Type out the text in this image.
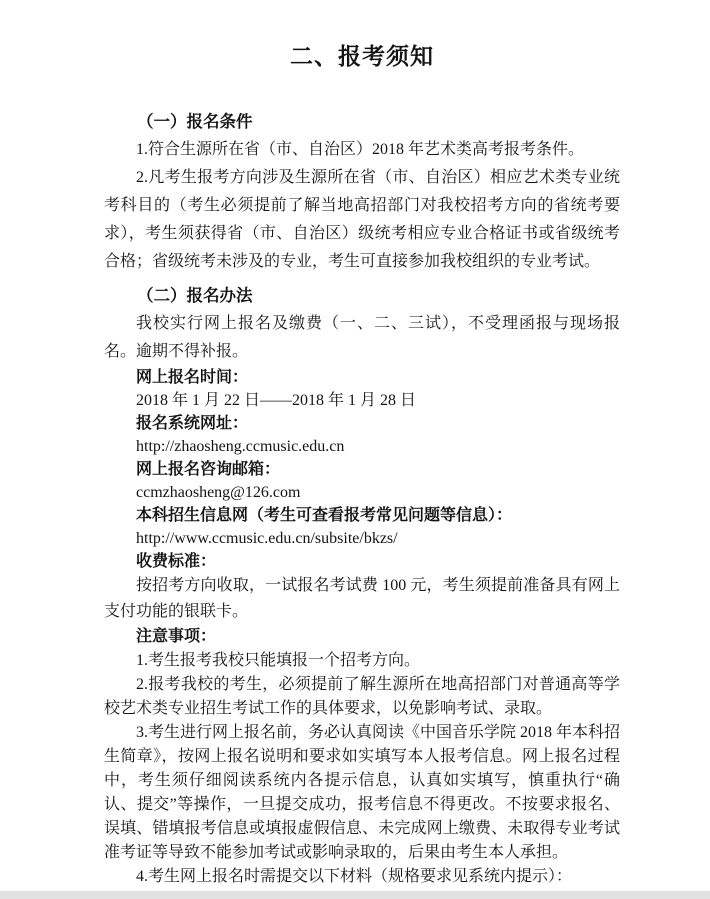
二、报考须知
（一）报名条件

1.符合生源所在省（市、自治区）2018 年艺术类高考报考条件。

2.凡考生报考方向涉及生源所在省（市、自治区）相应艺术类专业统考科目的（考生必须提前了解当地高招部门对我校招考方向的省统考要求），考生须获得省（市、自治区）级统考相应专业合格证书或省级统考合格；省级统考未涉及的专业，考生可直接参加我校组织的专业考试。

（二）报名办法

我校实行网上报名及缴费（一、二、三试），不受理函报与现场报名。逾期不得补报。

网上报名时间：

2018 年 1 月 22 日——2018 年 1 月 28 日

报名系统网址：

http://zhaosheng.ccmusic.edu.cn

网上报名咨询邮箱：

ccmzhaosheng@126.com

本科招生信息网（考生可查看报考常见问题等信息）：

http://www.ccmusic.edu.cn/subsite/bkzs/

收费标准：

按招考方向收取，一试报名考试费 100 元，考生须提前准备具有网上支付功能的银联卡。

注意事项：

1.考生报考我校只能填报一个招考方向。

2.报考我校的考生，必须提前了解生源所在地高招部门对普通高等学校艺术类专业招生考试工作的具体要求，以免影响考试、录取。

3.考生进行网上报名前，务必认真阅读《中国音乐学院 2018 年本科招生简章》，按网上报名说明和要求如实填写本人报考信息。网上报名过程中，考生须仔细阅读系统内各提示信息，认真如实填写，慎重执行“确认、提交”等操作，一旦提交成功，报考信息不得更改。不按要求报名、误填、错填报考信息或填报虚假信息、未完成网上缴费、未取得专业考试准考证等导致不能参加考试或影响录取的，后果由考生本人承担。

4.考生网上报名时需提交以下材料（规格要求见系统内提示）：
